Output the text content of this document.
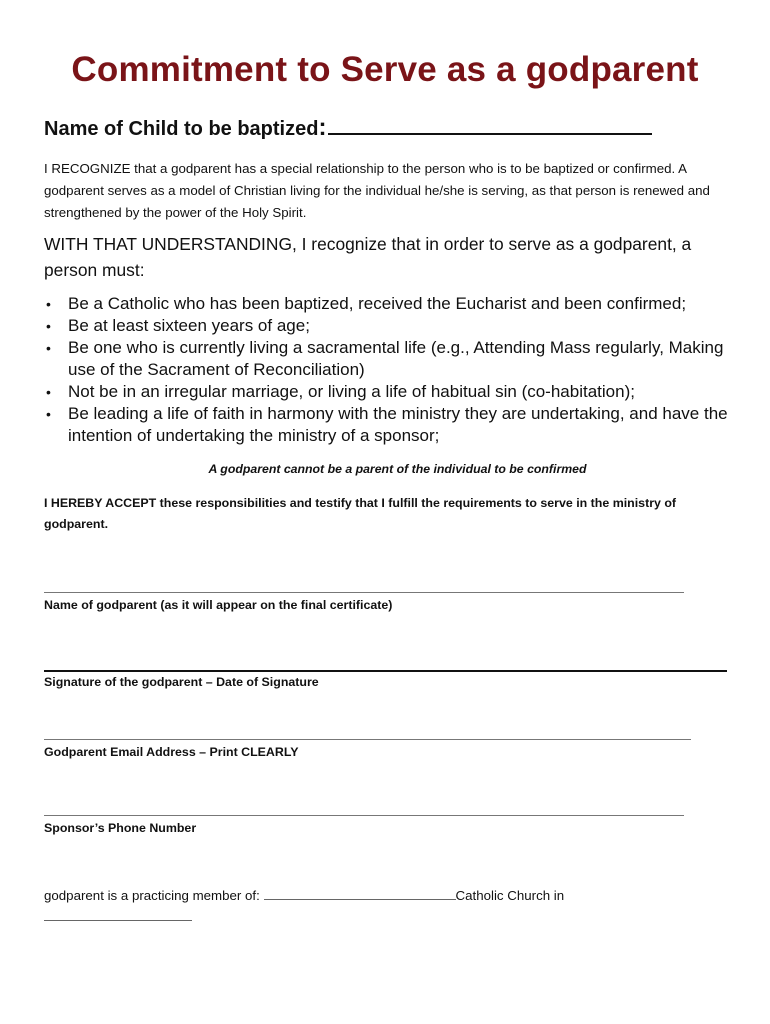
Commitment to Serve as a godparent

Name of Child to be baptized:

I RECOGNIZE that a godparent has a special relationship to the person who is to be baptized or confirmed. A godparent serves as a model of Christian living for the individual he/she is serving, as that person is renewed and strengthened by the power of the Holy Spirit.

WITH THAT UNDERSTANDING, I recognize that in order to serve as a godparent, a person must:

• Be a Catholic who has been baptized, received the Eucharist and been confirmed;
• Be at least sixteen years of age;
• Be one who is currently living a sacramental life (e.g., Attending Mass regularly, Making use of the Sacrament of Reconciliation)
• Not be in an irregular marriage, or living a life of habitual sin (co-habitation);
• Be leading a life of faith in harmony with the ministry they are undertaking, and have the intention of undertaking the ministry of a sponsor;

A godparent cannot be a parent of the individual to be confirmed

I HEREBY ACCEPT these responsibilities and testify that I fulfill the requirements to serve in the ministry of godparent.

Name of godparent (as it will appear on the final certificate)

Signature of the godparent – Date of Signature

Godparent Email Address – Print CLEARLY

Sponsor’s Phone Number

godparent is a practicing member of:	Catholic Church in
